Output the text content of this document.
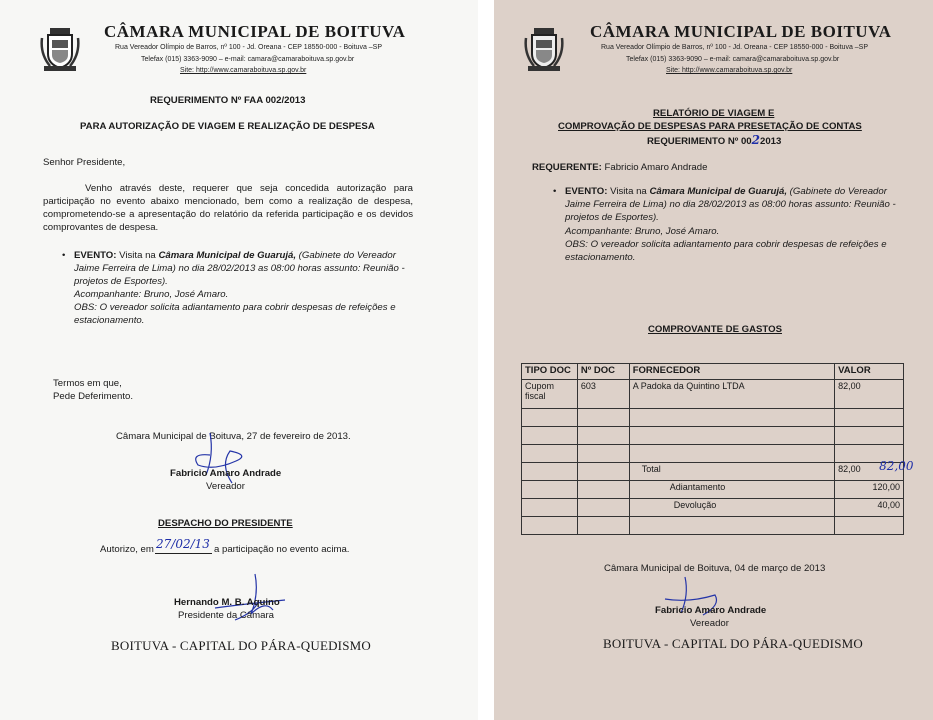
CÂMARA MUNICIPAL DE BOITUVA
Rua Vereador Olímpio de Barros, nº 100 - Jd. Oreana - CEP 18550-000 - Boituva –SP
Telefax (015) 3363-9090 – e-mail: camara@camaraboituva.sp.gov.br
Site: http://www.camaraboituva.sp.gov.br
REQUERIMENTO Nº FAA 002/2013
PARA AUTORIZAÇÃO DE VIAGEM E REALIZAÇÃO DE DESPESA
Senhor Presidente,
Venho através deste, requerer que seja concedida autorização para participação no evento abaixo mencionado, bem como a realização de despesa, comprometendo-se a apresentação do relatório da referida participação e os devidos comprovantes de despesa.
• EVENTO: Visita na Câmara Municipal de Guarujá, (Gabinete do Vereador Jaime Ferreira de Lima) no dia 28/02/2013 as 08:00 horas assunto: Reunião - projetos de Esportes).
Acompanhante: Bruno, José Amaro.
OBS: O vereador solicita adiantamento para cobrir despesas de refeições e estacionamento.
Termos em que,
Pede Deferimento.
Câmara Municipal de Boituva, 27 de fevereiro de 2013.
Fabricio Amaro Andrade
Vereador
DESPACHO DO PRESIDENTE
Autorizo, em 27/02/13 a participação no evento acima.
Hernando M. B. Aquino
Presidente da Câmara
BOITUVA - CAPITAL DO PÁRA-QUEDISMO
CÂMARA MUNICIPAL DE BOITUVA
Rua Vereador Olímpio de Barros, nº 100 - Jd. Oreana - CEP 18550-000 - Boituva –SP
Telefax (015) 3363-9090 – e-mail: camara@camaraboituva.sp.gov.br
Site: http://www.camaraboituva.sp.gov.br
RELATÓRIO DE VIAGEM E
COMPROVAÇÃO DE DESPESAS PARA PRESETAÇÃO DE CONTAS
REQUERIMENTO Nº 0022013
REQUERENTE: Fabricio Amaro Andrade
• EVENTO: Visita na Câmara Municipal de Guarujá, (Gabinete do Vereador Jaime Ferreira de Lima) no dia 28/02/2013 as 08:00 horas assunto: Reunião - projetos de Esportes).
Acompanhante: Bruno, José Amaro.
OBS: O vereador solicita adiantamento para cobrir despesas de refeições e estacionamento.
COMPROVANTE DE GASTOS
TIPO DOC	Nº DOC	FORNECEDOR	VALOR
Cupom fiscal	603	A Padoka da Quintino LTDA	82,00

		Total	82,00 82,00

		Adiantamento	120,00
		Devolução	40,00

Câmara Municipal de Boituva, 04 de março de 2013
Fabricio Amaro Andrade
Vereador
BOITUVA - CAPITAL DO PÁRA-QUEDISMO
